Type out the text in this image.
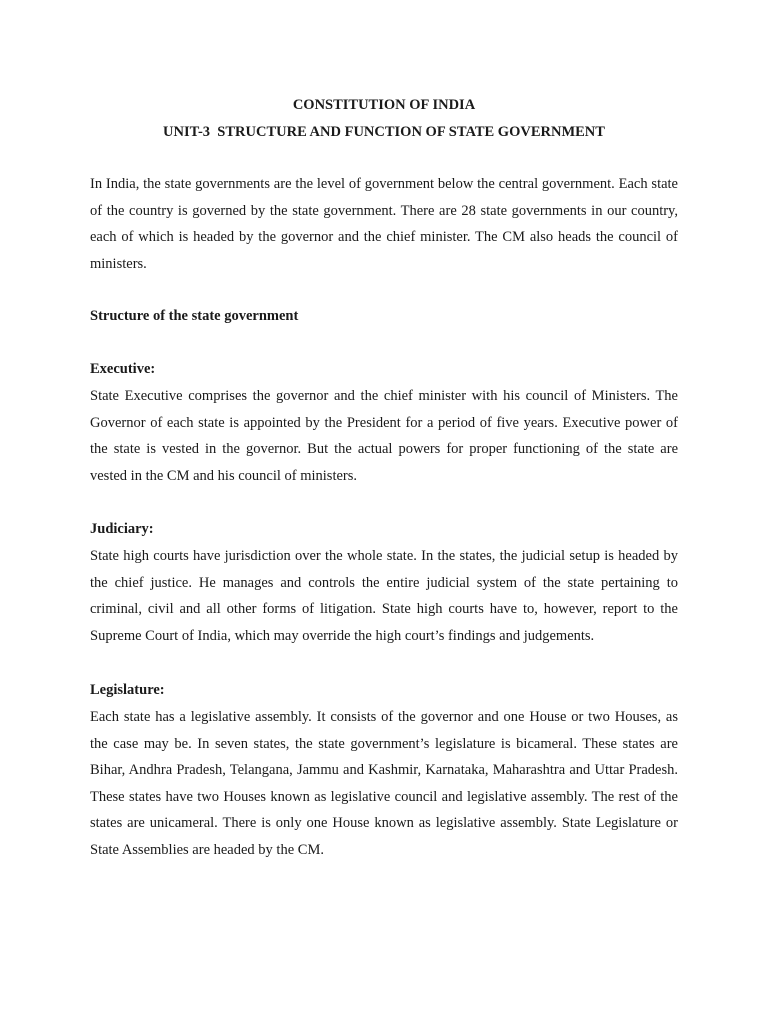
CONSTITUTION OF INDIA
UNIT-3  STRUCTURE AND FUNCTION OF STATE GOVERNMENT

In India, the state governments are the level of government below the central government. Each state of the country is governed by the state government. There are 28 state governments in our country, each of which is headed by the governor and the chief minister. The CM also heads the council of ministers.

Structure of the state government

Executive:

State Executive comprises the governor and the chief minister with his council of Ministers. The Governor of each state is appointed by the President for a period of five years. Executive power of the state is vested in the governor. But the actual powers for proper functioning of the state are vested in the CM and his council of ministers.

Judiciary:

State high courts have jurisdiction over the whole state. In the states, the judicial setup is headed by the chief justice. He manages and controls the entire judicial system of the state pertaining to criminal, civil and all other forms of litigation. State high courts have to, however, report to the Supreme Court of India, which may override the high court’s findings and judgements.

Legislature:

Each state has a legislative assembly. It consists of the governor and one House or two Houses, as the case may be. In seven states, the state government’s legislature is bicameral. These states are Bihar, Andhra Pradesh, Telangana, Jammu and Kashmir, Karnataka, Maharashtra and Uttar Pradesh. These states have two Houses known as legislative council and legislative assembly. The rest of the states are unicameral. There is only one House known as legislative assembly. State Legislature or State Assemblies are headed by the CM.
